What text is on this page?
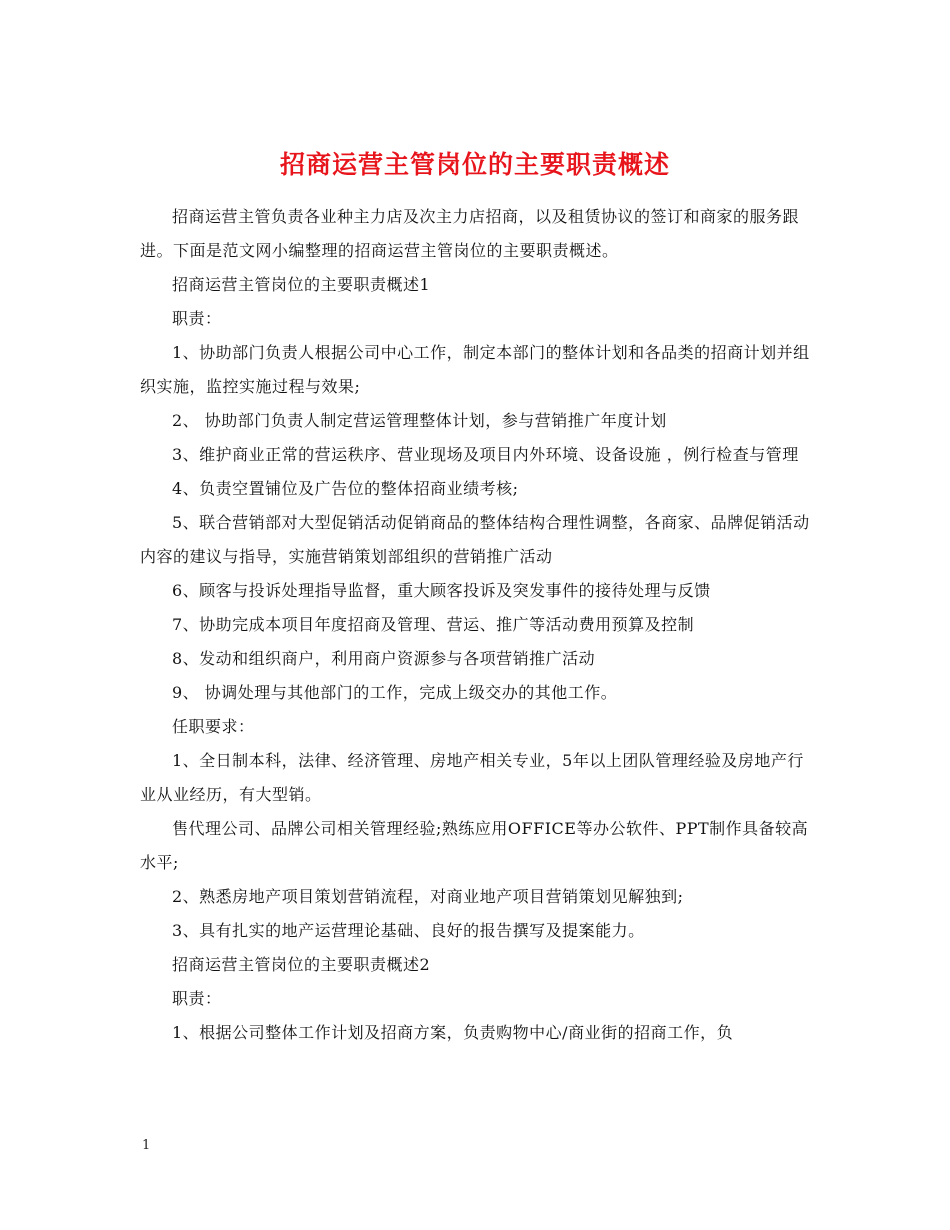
招商运营主管岗位的主要职责概述

招商运营主管负责各业种主力店及次主力店招商，以及租赁协议的签订和商家的服务跟进。下面是范文网小编整理的招商运营主管岗位的主要职责概述。

招商运营主管岗位的主要职责概述1

职责：

1、协助部门负责人根据公司中心工作，制定本部门的整体计划和各品类的招商计划并组织实施，监控实施过程与效果;

2、 协助部门负责人制定营运管理整体计划，参与营销推广年度计划

3、维护商业正常的营运秩序、营业现场及项目内外环境、设备设施 ，例行检查与管理

4、负责空置铺位及广告位的整体招商业绩考核;

5、联合营销部对大型促销活动促销商品的整体结构合理性调整，各商家、品牌促销活动内容的建议与指导，实施营销策划部组织的营销推广活动

6、顾客与投诉处理指导监督，重大顾客投诉及突发事件的接待处理与反馈

7、协助完成本项目年度招商及管理、营运、推广等活动费用预算及控制

8、发动和组织商户，利用商户资源参与各项营销推广活动

9、 协调处理与其他部门的工作，完成上级交办的其他工作。

任职要求：

1、全日制本科，法律、经济管理、房地产相关专业，5年以上团队管理经验及房地产行业从业经历，有大型销。

售代理公司、品牌公司相关管理经验;熟练应用OFFICE等办公软件、PPT制作具备较高水平;

2、熟悉房地产项目策划营销流程，对商业地产项目营销策划见解独到;

3、具有扎实的地产运营理论基础、良好的报告撰写及提案能力。

招商运营主管岗位的主要职责概述2

职责：

1、根据公司整体工作计划及招商方案，负责购物中心/商业街的招商工作，负

1
